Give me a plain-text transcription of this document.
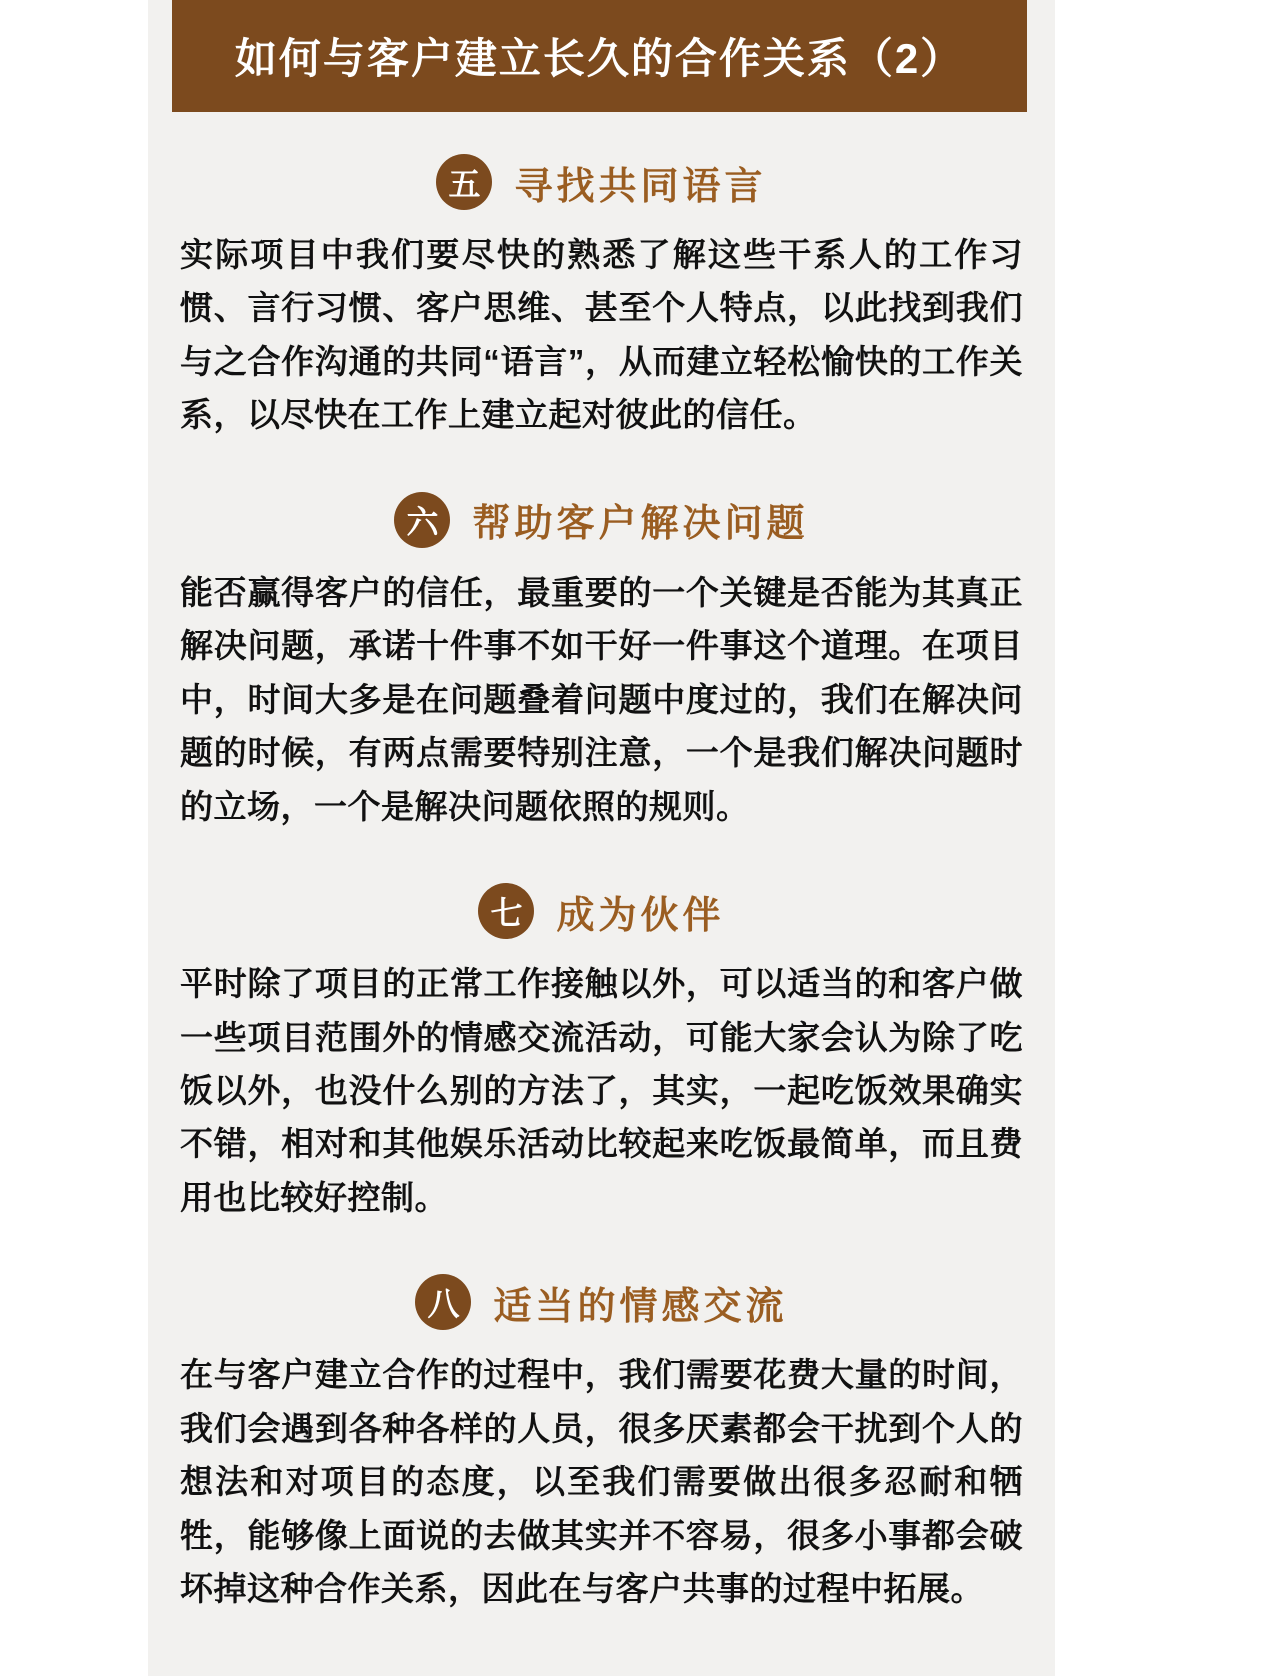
如何与客户建立长久的合作关系（2）
五 寻找共同语言

实际项目中我们要尽快的熟悉了解这些干系人的工作习惯、言行习惯、客户思维、甚至个人特点，以此找到我们与之合作沟通的共同“语言”，从而建立轻松愉快的工作关系，以尽快在工作上建立起对彼此的信任。

六 帮助客户解决问题

能否赢得客户的信任，最重要的一个关键是否能为其真正解决问题，承诺十件事不如干好一件事这个道理。在项目中，时间大多是在问题叠着问题中度过的，我们在解决问题的时候，有两点需要特别注意，一个是我们解决问题时的立场，一个是解决问题依照的规则。

七 成为伙伴

平时除了项目的正常工作接触以外，可以适当的和客户做一些项目范围外的情感交流活动，可能大家会认为除了吃饭以外，也没什么别的方法了，其实，一起吃饭效果确实不错，相对和其他娱乐活动比较起来吃饭最简单，而且费用也比较好控制。

八 适当的情感交流

在与客户建立合作的过程中，我们需要花费大量的时间，我们会遇到各种各样的人员，很多厌素都会干扰到个人的想法和对项目的态度，以至我们需要做出很多忍耐和牺牲，能够像上面说的去做其实并不容易，很多小事都会破坏掉这种合作关系，因此在与客户共事的过程中拓展。
